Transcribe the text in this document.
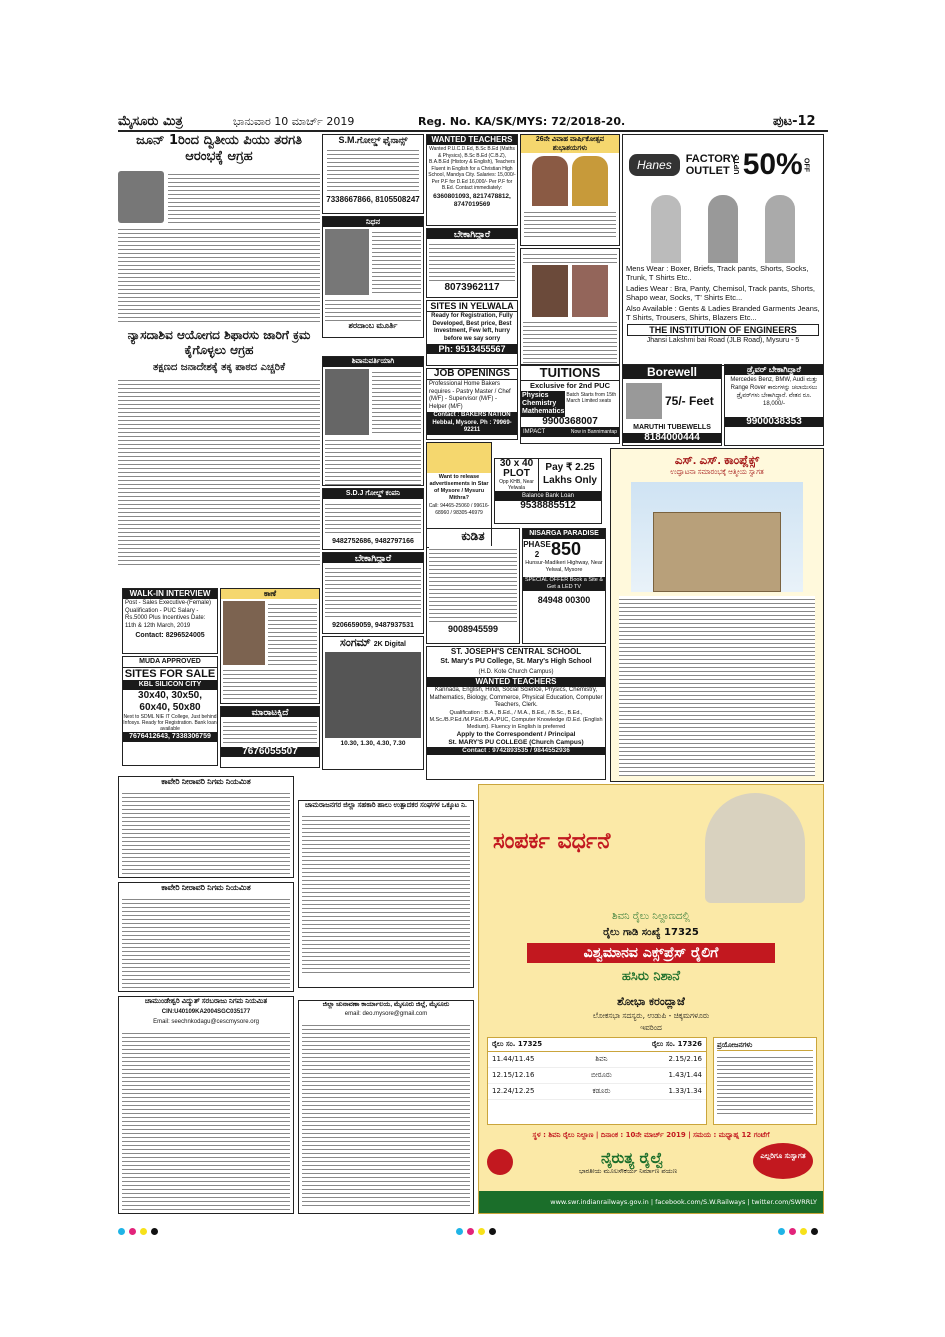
ಮೈಸೂರು ಮಿತ್ರ	ಭಾನುವಾರ 10 ಮಾರ್ಚ್ 2019	Reg. No. KA/SK/MYS: 72/2018-20.	ಪುಟ-12
ಜೂನ್ 1ರಿಂದ ದ್ವಿತೀಯ ಪಿಯು ತರಗತಿ ಆರಂಭಕ್ಕೆ ಆಗ್ರಹ
ನ್ಯಾಸದಾಶಿವ ಆಯೋಗದ ಶಿಫಾರಸು ಜಾರಿಗೆ ಕ್ರಮ ಕೈಗೊಳ್ಳಲು ಆಗ್ರಹ
ತಕ್ಷಣದ ಜನಾದೇಶಕ್ಕೆ ತಕ್ಕ ಪಾಠದ ಎಚ್ಚರಿಕೆ
S.M.ಗೋಲ್ಡ್ ಫೈನಾನ್ಸ್
7338667866, 8105508247
ನಿಧನ
ಶರದಾಂಬ ಮೂರ್ತಿ
WANTED TEACHERS
Wanted P.U.C.D.Ed, B.Sc B.Ed (Maths & Physics), B.Sc B.Ed (C.B.Z), B.A.B.Ed (History & English), Teachers Fluent in English for a Christian High School, Mandya City. Salaries: 15,000/- Per P.F for D.Ed 16,000/- Per P.F for B.Ed. Contact immediately:
6360801093, 8217478812, 8747019569
ಬೇಕಾಗಿದ್ದಾರೆ
8073962117
SITES IN YELWALA
Ready for Registration, Fully Developed, Best price, Best Investment, Few left, hurry before we say sorry
Ph: 9513455567
26ನೇ ವಿವಾಹ ವಾರ್ಷಿಕೋತ್ಸವ ಶುಭಾಶಯಗಳು
Hanes	FACTORY OUTLET UPTO 50% OFF
Mens Wear : Boxer, Briefs, Track pants, Shorts, Socks, Trunk, T Shirts Etc..
Ladies Wear : Bra, Panty, Chemisol, Track pants, Shorts, Shapo wear, Socks, 'T' Shirts Etc...
Also Available : Gents & Ladies Branded Garments Jeans, T Shirts, Trousers, Shirts, Blazers Etc...
THE INSTITUTION OF ENGINEERS
Jhansi Lakshmi bai Road (JLB Road), Mysuru - 5
ಶಿವಾನುವರ್ತಿಯಾಗಿ
JOB OPENINGS
Professional Home Bakers requires - Pastry Master / Chef (M/F) - Supervisor (M/F) - Helper (M/F)
Contact : BAKERS NATION Hebbal, Mysore. Ph : 79969-92211
TUITIONS
Exclusive for 2nd PUC
Physics Chemistry Mathematics
Batch Starts from 15th March Limited seats
9900368007
IMPACT	Now in Bannimantap
Borewell
75/- Feet
MARUTHI TUBEWELLS
8184000444
ಡ್ರೈವರ್ ಬೇಕಾಗಿದ್ದಾರೆ
Mercedes Benz, BMW, Audi ಮತ್ತು Range Rover ಕಾರುಗಳನ್ನು ಚಲಾಯಿಸಲು ಡ್ರೈವರ್‌ಗಳು ಬೇಕಾಗಿದ್ದಾರೆ. ವೇತನ ರೂ. 18,000/-
9900038353
Want to release advertisements in Star of Mysore / Mysuru Mithra?
Call: 94465-25060 / 99616-68960 / 98305-46979
30 x 40
PLOT
Opp KHB, Near Yelwala
Pay ₹ 2.25 Lakhs Only
Balance Bank Loan
9538885512
S.D.J ಗೋಲ್ಡ್ ಕಂಪನಿ
9482752686, 9482797166
ಎಸ್. ಎಸ್. ಕಾಂಪ್ಲೆಕ್ಸ್
ಉದ್ಘಾಟನಾ ಸಮಾರಂಭಕ್ಕೆ ಆತ್ಮೀಯ ಸ್ವಾಗತ
ಬೇಕಾಗಿದ್ದಾರೆ
9206659059, 9487937531
ಕುಡಿತ
9008945599
NISARGA PARADISE
PHASE 2 850
Hunsur-Madikeri Highway, Near Yelwal, Mysore
SPECIAL OFFER Book a Site & Get a LED TV
84948 00300
ST. JOSEPH'S CENTRAL SCHOOL
St. Mary's PU College, St. Mary's High School
(H.D. Kote Church Campus)
WANTED TEACHERS
Kannada, English, Hindi, Social Science, Physics, Chemistry, Mathematics, Biology, Commerce, Physical Education, Computer Teachers, Clerk.
Qualification : B.A., B.Ed., / M.A., B.Ed., / B.Sc., B.Ed., M.Sc./B.P.Ed./M.P.Ed./B.A./PUC, Computer Knowledge /D.Ed. (English Medium). Fluency in English is preferred
Apply to the Correspondent / Principal
St. MARY'S PU COLLEGE (Church Campus)
Contact : 9742893535 / 9844552936
WALK-IN INTERVIEW
Post - Sales Executive-(Female) Qualification - PUC Salary - Rs.5000 Plus Incentives Date: 11th & 12th March, 2019
Contact: 8296524005
ಕಾಣೆ
MUDA APPROVED
SITES FOR SALE
KBL SILICON CITY
30x40, 30x50, 60x40, 50x80
Next to SDML NIE IT College, Just behind Infosys. Ready for Registration. Bank loan available
7676412643, 7338306759
ಮಾರಾಟಕ್ಕಿದೆ
7676055507
ಸಂಗಮ್ 2K Digital
10.30, 1.30, 4.30, 7.30
ಕಾವೇರಿ ನೀರಾವರಿ ನಿಗಮ ನಿಯಮಿತ
ಕಾವೇರಿ ನೀರಾವರಿ ನಿಗಮ ನಿಯಮಿತ
ಚಾಮುಂಡೇಶ್ವರಿ ವಿದ್ಯುತ್ ಸರಬರಾಜು ನಿಗಮ ನಿಯಮಿತ
CIN:U40109KA2004SGC035177
Email: seechnkodagu@cescmysore.org
ಚಾಮರಾಜನಗರ ಜಿಲ್ಲಾ ಸಹಕಾರಿ ಹಾಲು ಉತ್ಪಾದಕರ ಸಂಘಗಳ ಒಕ್ಕೂಟ ನಿ.
ಜಿಲ್ಲಾ ಚುನಾವಣಾ ಕಾರ್ಯಾಲಯ, ಮೈಸೂರು ಜಿಲ್ಲೆ, ಮೈಸೂರು
email: deo.mysore@gmail.com
ಸಂಪರ್ಕ ವರ್ಧನೆ
ಶಿವನಿ ರೈಲು ನಿಲ್ದಾಣದಲ್ಲಿ
ರೈಲು ಗಾಡಿ ಸಂಖ್ಯೆ 17325
ವಿಶ್ವಮಾನವ ಎಕ್ಸ್‌ಪ್ರೆಸ್ ರೈಲಿಗೆ
ಹಸಿರು ನಿಶಾನೆ
ಶೋಭಾ ಕರಂದ್ಲಾಜೆ
ಲೋಕಸಭಾ ಸದಸ್ಯರು, ಉಡುಪಿ - ಚಿಕ್ಕಮಗಳೂರು
ಇವರಿಂದ
ರೈಲು ಸಂ. 17325	ರೈಲು ಸಂ. 17326
11.44/11.45	ಶಿವನಿ	2.15/2.16
12.15/12.16	ಬೀರೂರು	1.43/1.44
12.24/12.25	ಕಡೂರು	1.33/1.34
ಪ್ರಯೋಜನಗಳು
ಸ್ಥಳ : ಶಿವನಿ ರೈಲು ನಿಲ್ದಾಣ | ದಿನಾಂಕ : 10ನೇ ಮಾರ್ಚ್ 2019 | ಸಮಯ : ಮಧ್ಯಾಹ್ನ 12 ಗಂಟೆಗೆ
ನೈರುತ್ಯ ರೈಲ್ವೆ
ಭಾರತೀಯ ಮೂಲಸೌಕರ್ಯ ನಿರ್ಮಾಣ ಪಯಣ
ಎಲ್ಲರಿಗೂ ಸುಸ್ವಾಗತ
www.swr.indianrailways.gov.in | facebook.com/S.W.Railways | twitter.com/SWRRLY
